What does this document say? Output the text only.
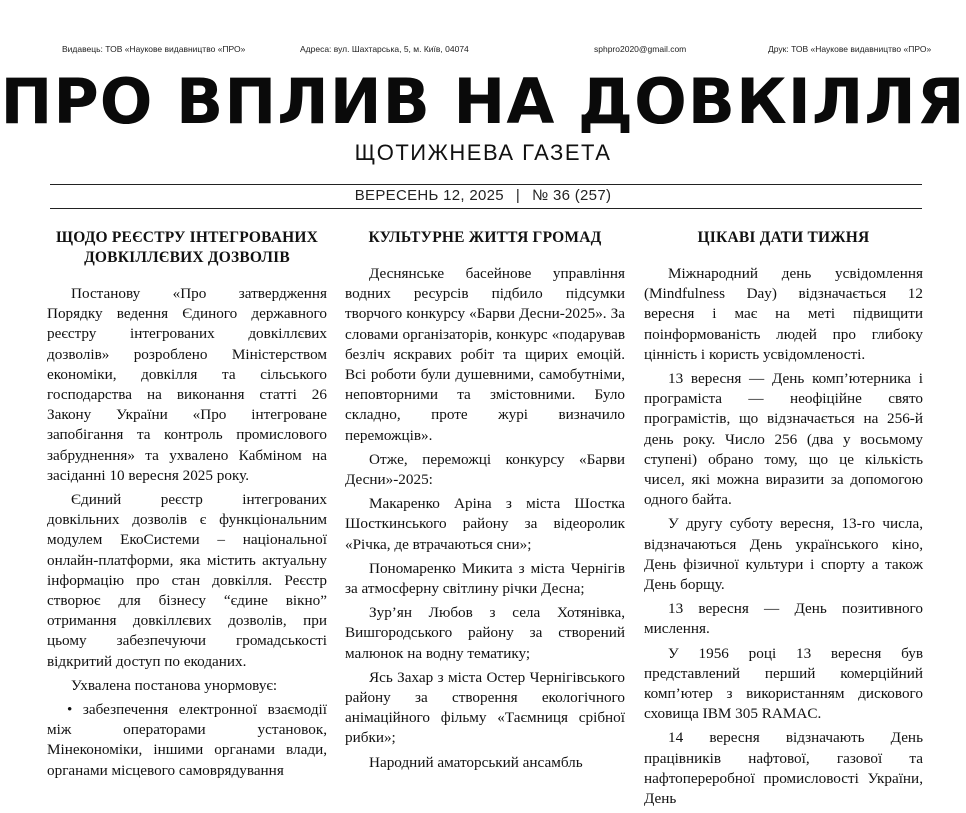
Видавець: ТОВ «Наукове видавництво «ПРО»	Адреса: вул. Шахтарська, 5, м. Київ, 04074	sphpro2020@gmail.com	Друк: ТОВ «Наукове видавництво «ПРО»
ПРО ВПЛИВ НА ДОВКІЛЛЯ
ЩОТИЖНЕВА ГАЗЕТА
ВЕРЕСЕНЬ 12, 2025 | № 36 (257)
ЩОДО РЕЄСТРУ ІНТЕГРОВАНИХ ДОВКІЛЛЄВИХ ДОЗВОЛІВ

Постанову «Про затвердження Порядку ведення Єдиного державного реєстру інтегрованих довкіллєвих дозволів» розроблено Міністерством економіки, довкілля та сільського господарства на виконання статті 26 Закону України «Про інтегроване запобігання та контроль промислового забруднення» та ухвалено Кабміном на засіданні 10 вересня 2025 року.

Єдиний реєстр інтегрованих довкільних дозволів є функціональним модулем ЕкоСистеми – національної онлайн-платформи, яка містить актуальну інформацію про стан довкілля. Реєстр створює для бізнесу “єдине вікно” отримання довкіллєвих дозволів, при цьому забезпечуючи громадськості відкритий доступ по екоданих.

Ухвалена постанова унормовує:

• забезпечення електронної взаємодії між операторами установок, Мінекономіки, іншими органами влади, органами місцевого самоврядування

КУЛЬТУРНЕ ЖИТТЯ ГРОМАД

Деснянське басейнове управління водних ресурсів підбило підсумки творчого конкурсу «Барви Десни-2025». За словами організаторів, конкурс «подарував безліч яскравих робіт та щирих емоцій. Всі роботи були душевними, самобутніми, неповторними та змістовними. Було складно, проте журі визначило переможців».

Отже, переможці конкурсу «Барви Десни»-2025:

Макаренко Аріна з міста Шостка Шосткинського району за відеоролик «Річка, де втрачаються сни»;

Пономаренко Микита з міста Чернігів за атмосферну світлину річки Десна;

Зур’ян Любов з села Хотянівка, Вишгородського району за створений малюнок на водну тематику;

Ясь Захар з міста Остер Чернігівського району за створення екологічного анімаційного фільму «Таємниця срібної рибки»;

Народний аматорський ансамбль

ЦІКАВІ ДАТИ ТИЖНЯ

Міжнародний день усвідомлення (Mindfulness Day) відзначається 12 вересня і має на меті підвищити поінформованість людей про глибоку цінність і користь усвідомленості.

13 вересня — День комп’ютерника і програміста — неофіційне свято програмістів, що відзначається на 256-й день року. Число 256 (два у восьмому ступені) обрано тому, що це кількість чисел, які можна виразити за допомогою одного байта.

У другу суботу вересня, 13-го числа, відзначаються День українського кіно, День фізичної культури і спорту а також День борщу.

13 вересня — День позитивного мислення.

У 1956 році 13 вересня був представлений перший комерційний комп’ютер з використанням дискового сховища IBM 305 RAMAC.

14 вересня відзначають День працівників нафтової, газової та нафтопереробної промисловості України, День
